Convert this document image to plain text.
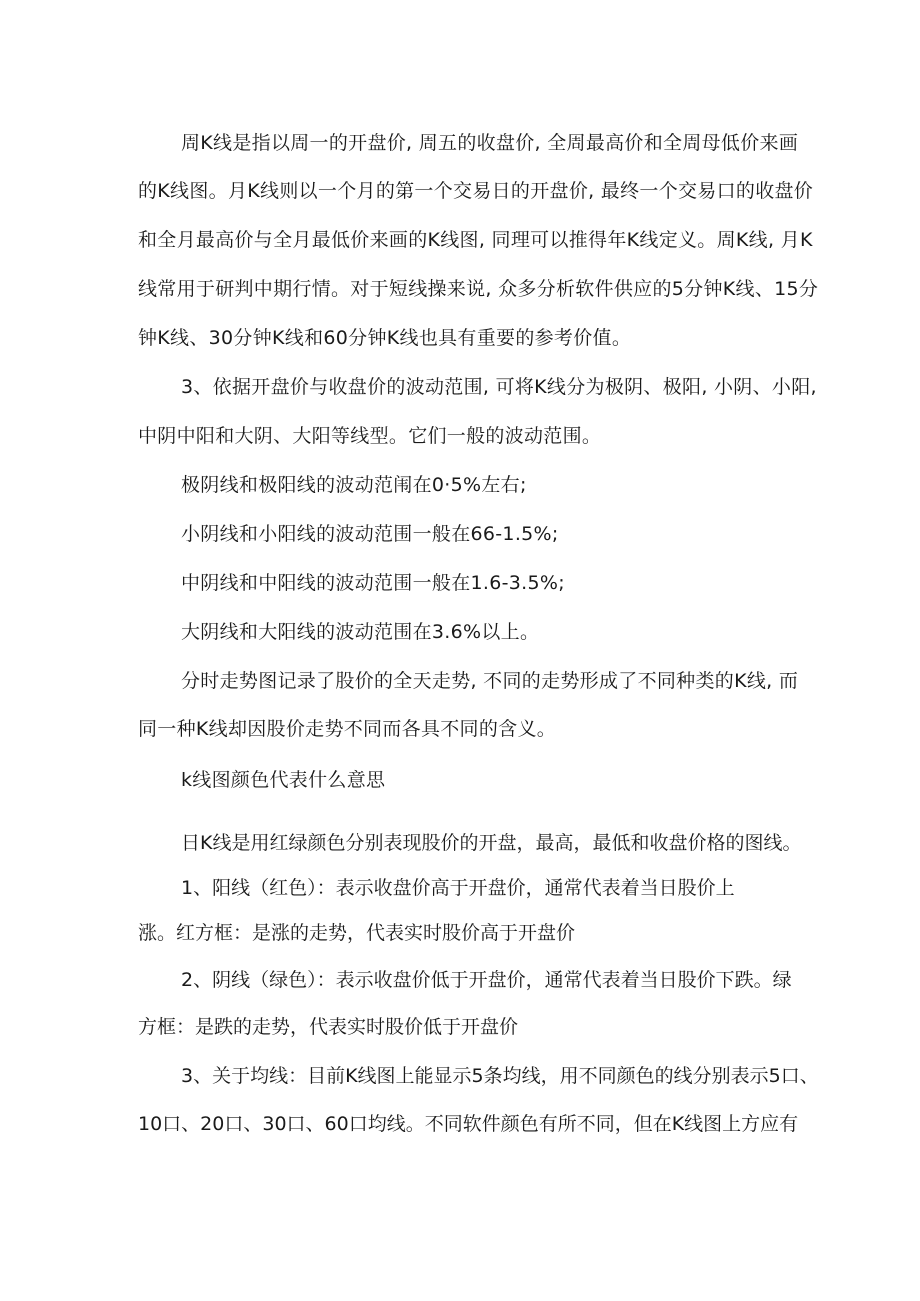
周K线是指以周一的开盘价, 周五的收盘价, 全周最高价和全周母低价来画

的K线图。月K线则以一个月的第一个交易日的开盘价, 最终一个交易口的收盘价

和全月最高价与全月最低价来画的K线图, 同理可以推得年K线定义。周K线, 月K

线常用于研判中期行情。对于短线操来说, 众多分析软件供应的5分钟K线、15分

钟K线、30分钟K线和60分钟K线也具有重要的参考价值。

3、依据开盘价与收盘价的波动范围, 可将K线分为极阴、极阳, 小阴、小阳,

中阴中阳和大阴、大阳等线型。它们一般的波动范围。

极阴线和极阳线的波动范闱在0·5%左右;

小阴线和小阳线的波动范围一般在66-1.5%;

中阴线和中阳线的波动范围一般在1.6-3.5%;

大阴线和大阳线的波动范围在3.6%以上。

分时走势图记录了股价的全天走势, 不同的走势形成了不同种类的K线, 而

同一种K线却因股价走势不同而各具不同的含义。

k线图颜色代表什么意思

日K线是用红绿颜色分别表现股价的开盘，最高，最低和收盘价格的图线。

1、阳线（红色）：表示收盘价高于开盘价，通常代表着当日股价上

涨。红方框：是涨的走势，代表实时股价高于开盘价

2、阴线（绿色）：表示收盘价低于开盘价，通常代表着当日股价下跌。绿

方框：是跌的走势，代表实时股价低于开盘价

3、关于均线：目前K线图上能显示5条均线，用不同颜色的线分别表示5口、

10口、20口、30口、60口均线。不同软件颜色有所不同，但在K线图上方应有
